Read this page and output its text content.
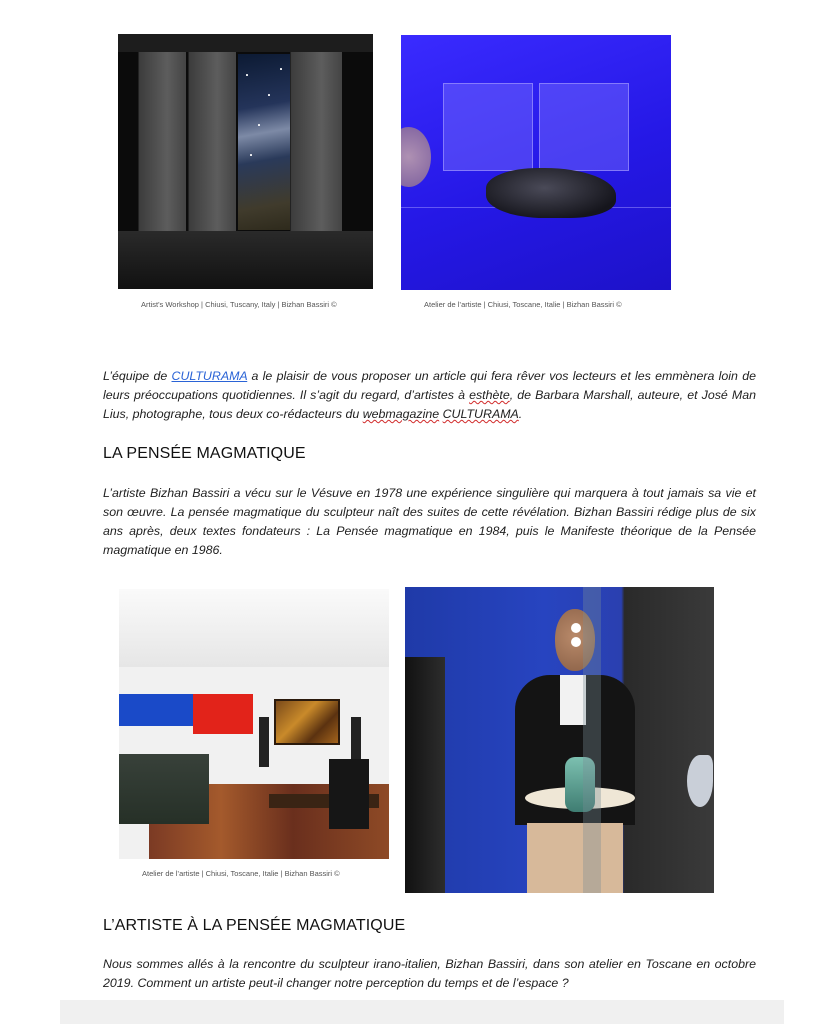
Artist's Workshop | Chiusi, Tuscany, Italy | Bizhan Bassiri ©	Atelier de l’artiste | Chiusi, Toscane, Italie | Bizhan Bassiri ©
L’équipe de CULTURAMA a le plaisir de vous proposer un article qui fera rêver vos lecteurs et les emmènera loin de leurs préoccupations quotidiennes. Il s’agit du regard, d’artistes à esthète, de Barbara Marshall, auteure, et José Man Lius, photographe, tous deux co-rédacteurs du webmagazine CULTURAMA.
LA PENSÉE MAGMATIQUE
L’artiste Bizhan Bassiri a vécu sur le Vésuve en 1978 une expérience singulière qui marquera à tout jamais sa vie et son œuvre. La pensée magmatique du sculpteur naît des suites de cette révélation. Bizhan Bassiri rédige plus de six ans après, deux textes fondateurs : La Pensée magmatique en 1984, puis le Manifeste théorique de la Pensée magmatique en 1986.
Atelier de l’artiste | Chiusi, Toscane, Italie | Bizhan Bassiri ©
L’ARTISTE À LA PENSÉE MAGMATIQUE
Nous sommes allés à la rencontre du sculpteur irano-italien, Bizhan Bassiri, dans son atelier en Toscane en octobre 2019. Comment un artiste peut-il changer notre perception du temps et de l’espace ?
